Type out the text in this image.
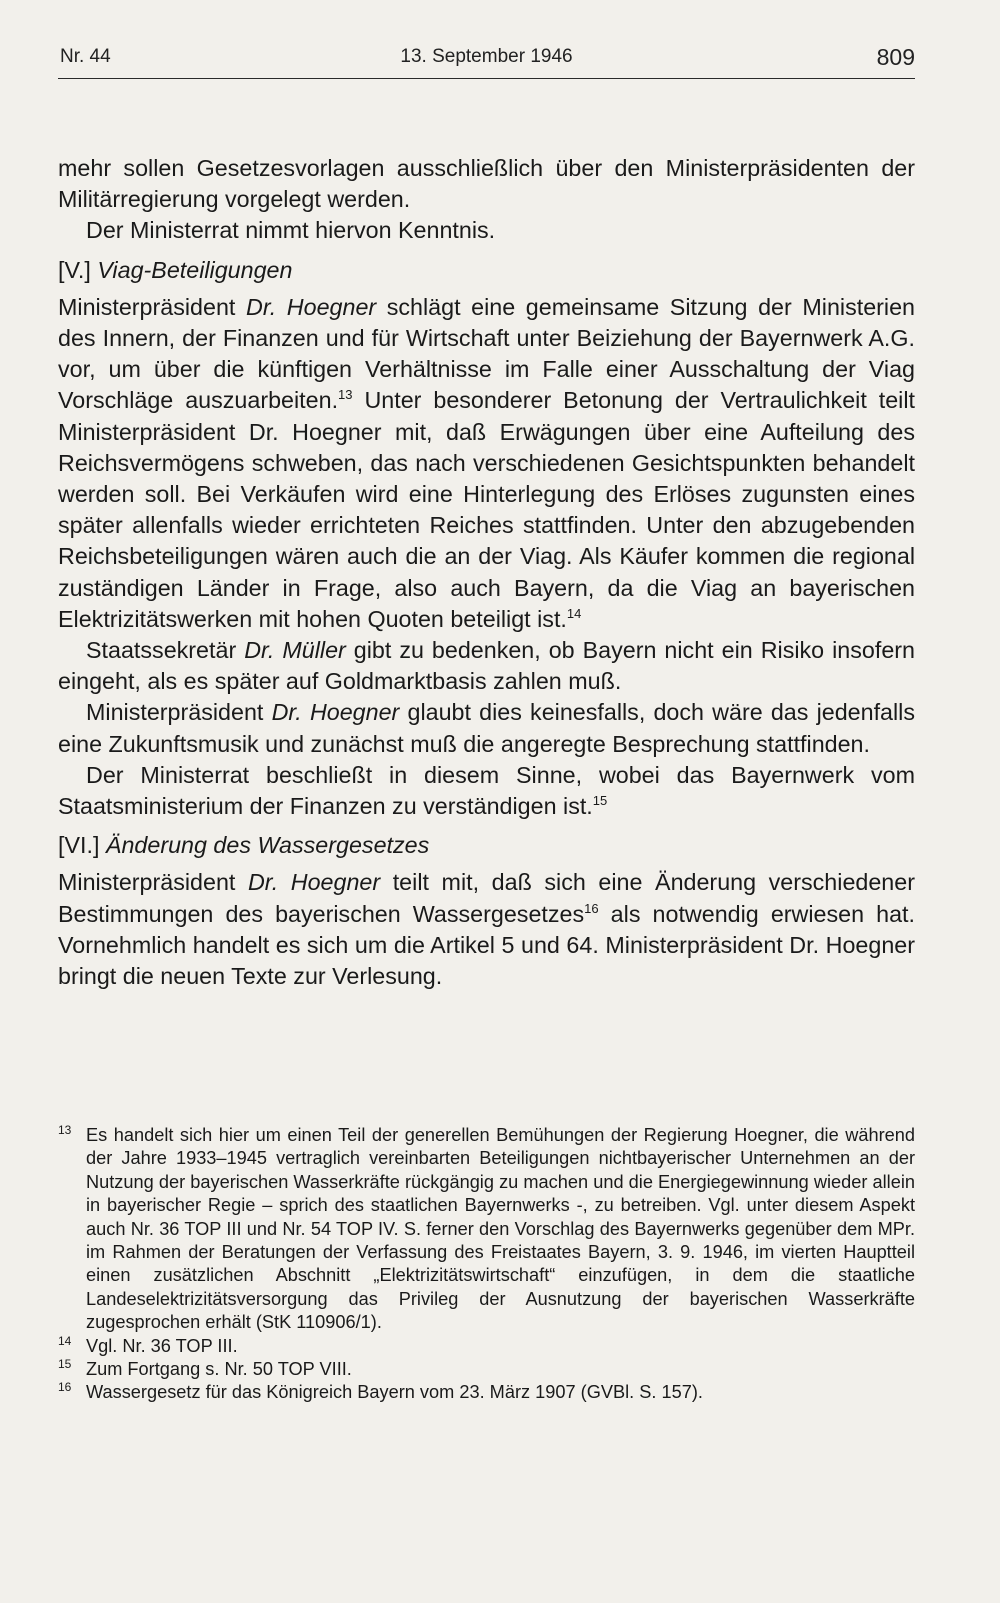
Nr. 44	13. September 1946	809

mehr sollen Gesetzesvorlagen ausschließlich über den Ministerpräsidenten der Militärregierung vorgelegt werden.

Der Ministerrat nimmt hiervon Kenntnis.

[V.] Viag-Beteiligungen

Ministerpräsident Dr. Hoegner schlägt eine gemeinsame Sitzung der Ministerien des Innern, der Finanzen und für Wirtschaft unter Beiziehung der Bayernwerk A.G. vor, um über die künftigen Verhältnisse im Falle einer Ausschaltung der Viag Vorschläge auszuarbeiten.$^{13}$ Unter besonderer Betonung der Vertraulichkeit teilt Ministerpräsident Dr. Hoegner mit, daß Erwägungen über eine Aufteilung des Reichsvermögens schweben, das nach verschiedenen Gesichtspunkten behandelt werden soll. Bei Verkäufen wird eine Hinterlegung des Erlöses zugunsten eines später allenfalls wieder errichteten Reiches stattfinden. Unter den abzugebenden Reichsbeteiligungen wären auch die an der Viag. Als Käufer kommen die regional zuständigen Länder in Frage, also auch Bayern, da die Viag an bayerischen Elektrizitätswerken mit hohen Quoten beteiligt ist.$^{14}$

Staatssekretär Dr. Müller gibt zu bedenken, ob Bayern nicht ein Risiko insofern eingeht, als es später auf Goldmarktbasis zahlen muß.

Ministerpräsident Dr. Hoegner glaubt dies keinesfalls, doch wäre das jedenfalls eine Zukunftsmusik und zunächst muß die angeregte Besprechung stattfinden.

Der Ministerrat beschließt in diesem Sinne, wobei das Bayernwerk vom Staatsministerium der Finanzen zu verständigen ist.$^{15}$

[VI.] Änderung des Wassergesetzes

Ministerpräsident Dr. Hoegner teilt mit, daß sich eine Änderung verschiedener Bestimmungen des bayerischen Wassergesetzes$^{16}$ als notwendig erwiesen hat. Vornehmlich handelt es sich um die Artikel 5 und 64. Ministerpräsident Dr. Hoegner bringt die neuen Texte zur Verlesung.

13 Es handelt sich hier um einen Teil der generellen Bemühungen der Regierung Hoegner, die während der Jahre 1933–1945 vertraglich vereinbarten Beteiligungen nichtbayerischer Unternehmen an der Nutzung der bayerischen Wasserkräfte rückgängig zu machen und die Energiegewinnung wieder allein in bayerischer Regie – sprich des staatlichen Bayernwerks -, zu betreiben. Vgl. unter diesem Aspekt auch Nr. 36 TOP III und Nr. 54 TOP IV. S. ferner den Vorschlag des Bayernwerks gegenüber dem MPr. im Rahmen der Beratungen der Verfassung des Freistaates Bayern, 3. 9. 1946, im vierten Hauptteil einen zusätzlichen Abschnitt „Elektrizitätswirtschaft“ einzufügen, in dem die staatliche Landeselektrizitätsversorgung das Privileg der Ausnutzung der bayerischen Wasserkräfte zugesprochen erhält (StK 110906/1).

14 Vgl. Nr. 36 TOP III.

15 Zum Fortgang s. Nr. 50 TOP VIII.

16 Wassergesetz für das Königreich Bayern vom 23. März 1907 (GVBl. S. 157).
